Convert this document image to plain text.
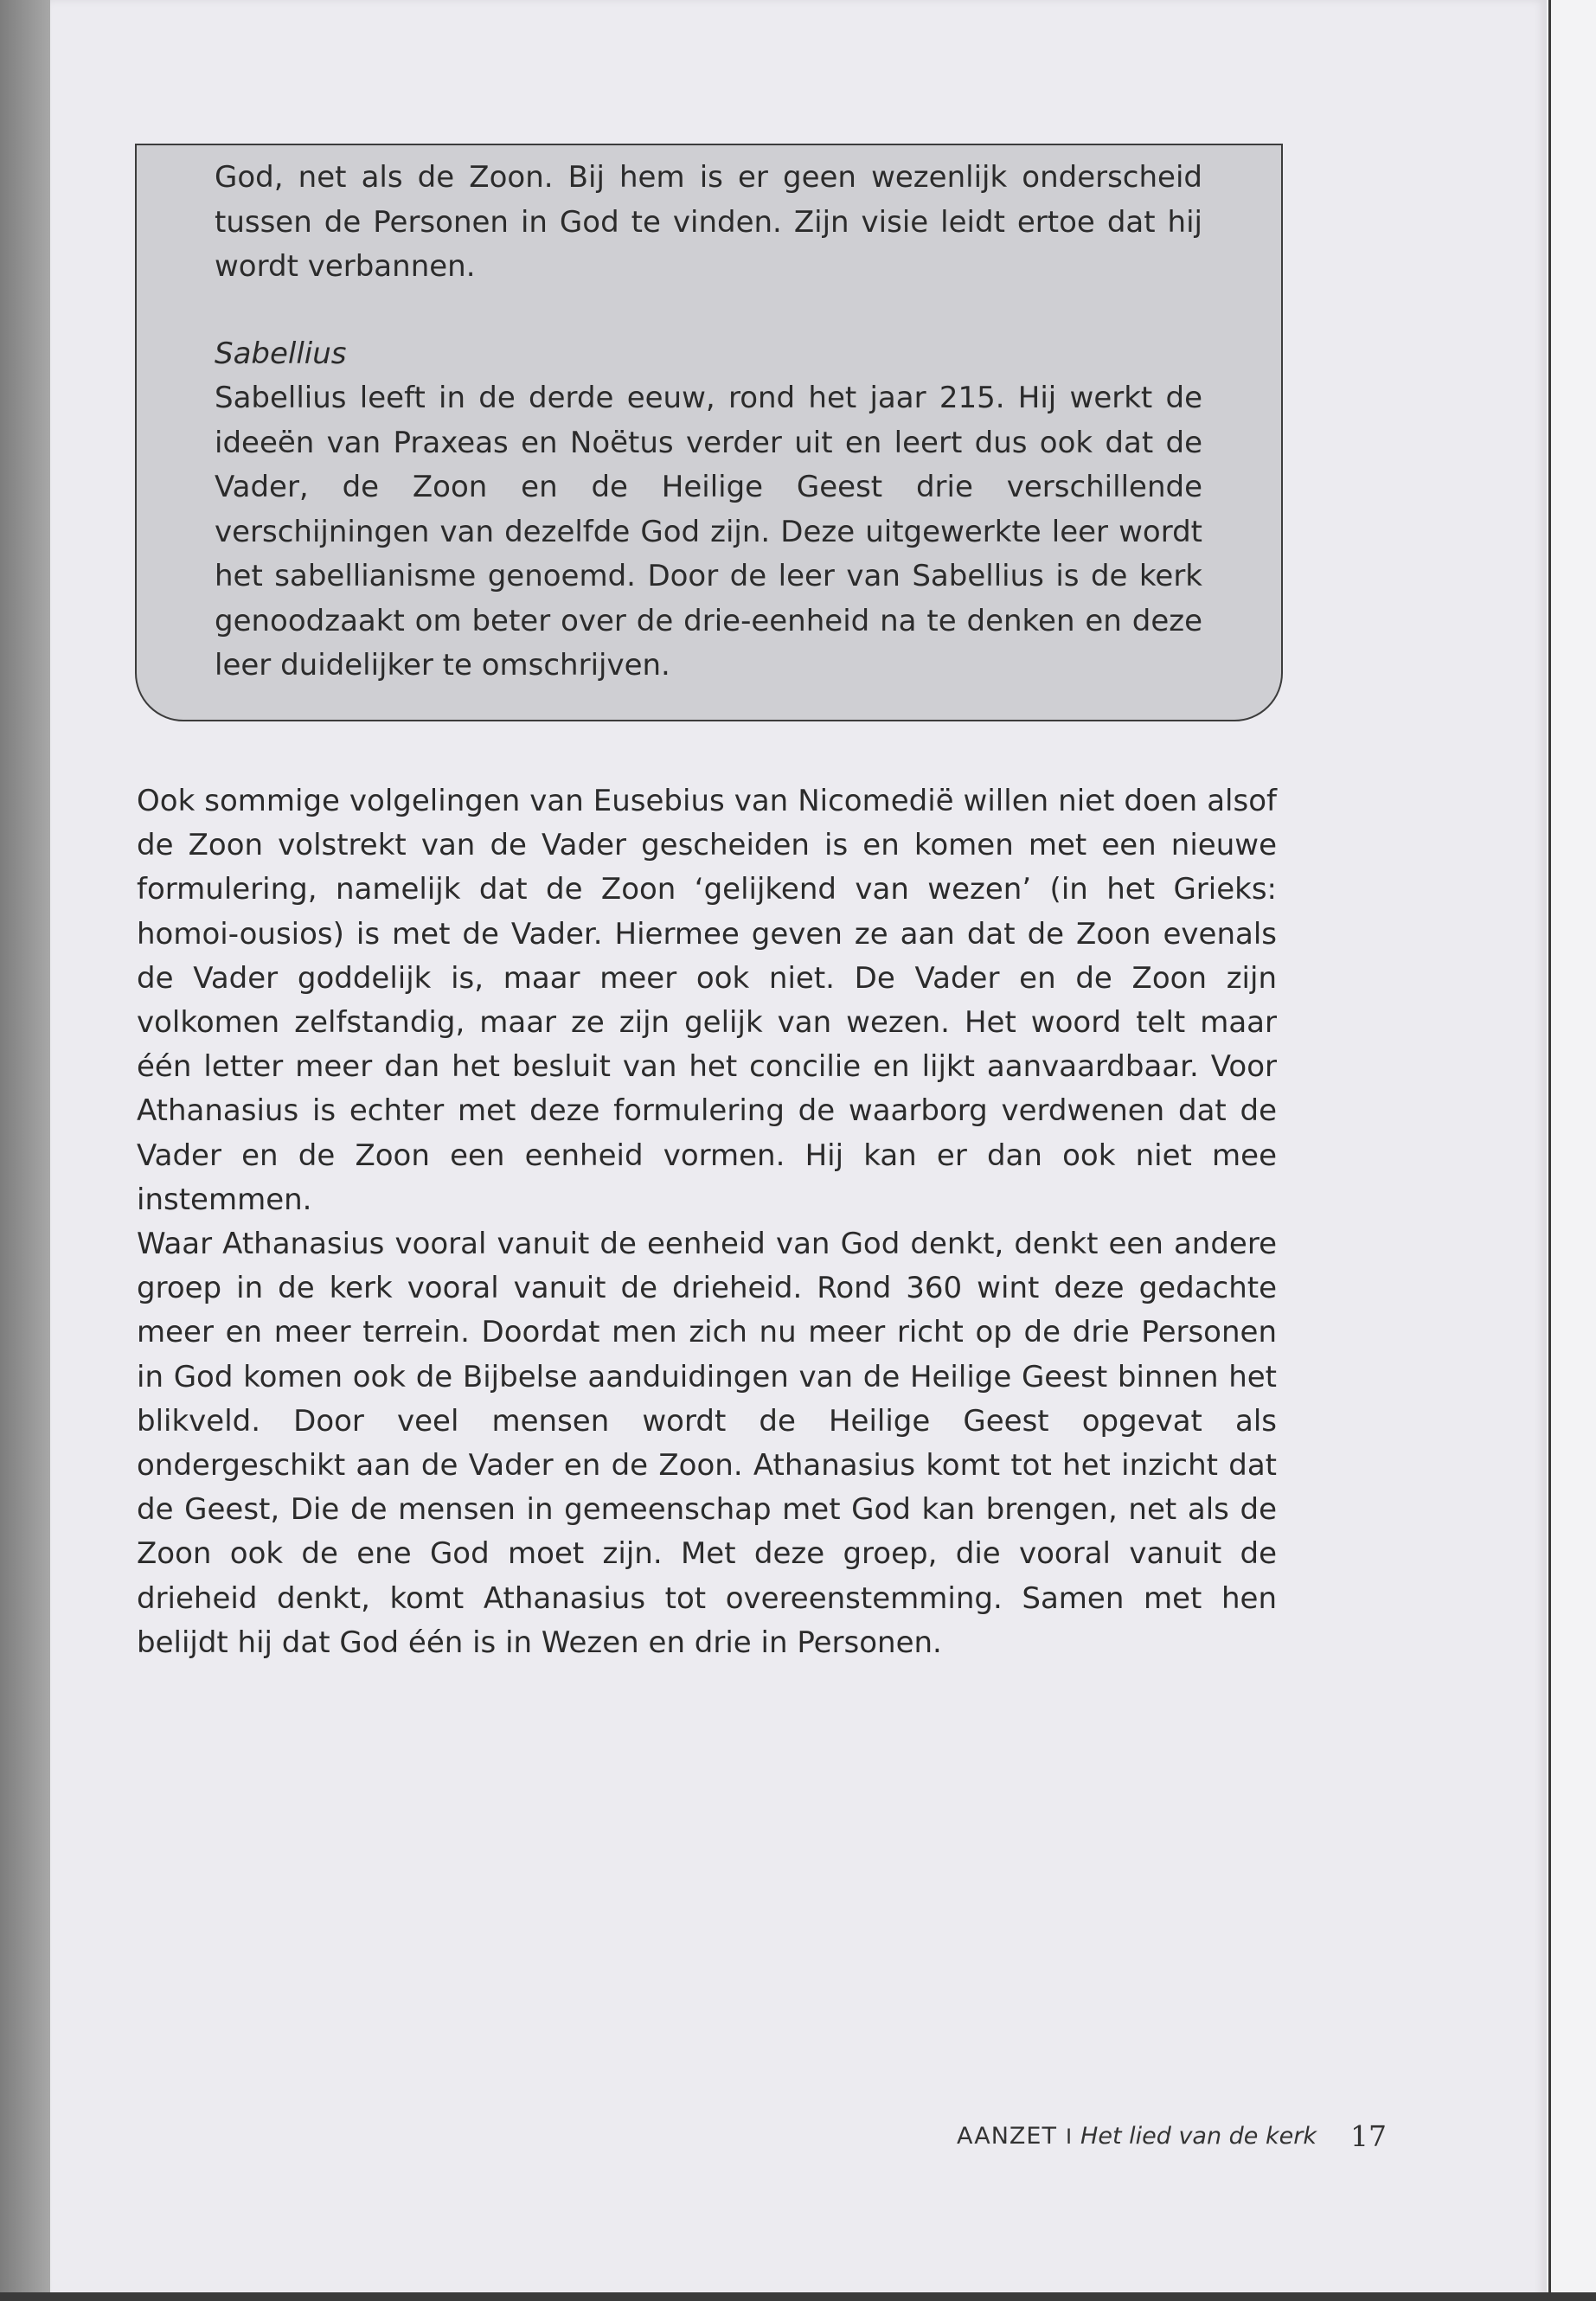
God, net als de Zoon. Bij hem is er geen wezenlijk onderscheid tussen de Personen in God te vinden. Zijn visie leidt ertoe dat hij wordt verbannen.

Sabellius

Sabellius leeft in de derde eeuw, rond het jaar 215. Hij werkt de ideeën van Praxeas en Noëtus verder uit en leert dus ook dat de Vader, de Zoon en de Heilige Geest drie verschillende verschijningen van dezelfde God zijn. Deze uitgewerkte leer wordt het sabellianisme genoemd. Door de leer van Sabellius is de kerk genoodzaakt om beter over de drie-eenheid na te denken en deze leer duidelijker te omschrijven.

Ook sommige volgelingen van Eusebius van Nicomedië willen niet doen alsof de Zoon volstrekt van de Vader gescheiden is en komen met een nieuwe formulering, namelijk dat de Zoon ‘gelijkend van wezen’ (in het Grieks: homoi-ousios) is met de Vader. Hiermee geven ze aan dat de Zoon evenals de Vader goddelijk is, maar meer ook niet. De Vader en de Zoon zijn volkomen zelfstandig, maar ze zijn gelijk van wezen. Het woord telt maar één letter meer dan het besluit van het concilie en lijkt aanvaardbaar. Voor Athanasius is echter met deze formulering de waarborg verdwenen dat de Vader en de Zoon een eenheid vormen. Hij kan er dan ook niet mee instemmen.

Waar Athanasius vooral vanuit de eenheid van God denkt, denkt een andere groep in de kerk vooral vanuit de drieheid. Rond 360 wint deze gedachte meer en meer terrein. Doordat men zich nu meer richt op de drie Personen in God komen ook de Bijbelse aanduidingen van de Heilige Geest binnen het blikveld. Door veel mensen wordt de Heilige Geest opgevat als ondergeschikt aan de Vader en de Zoon. Athanasius komt tot het inzicht dat de Geest, Die de mensen in gemeenschap met God kan brengen, net als de Zoon ook de ene God moet zijn. Met deze groep, die vooral vanuit de drieheid denkt, komt Athanasius tot overeenstemming. Samen met hen belijdt hij dat God één is in Wezen en drie in Personen.

AANZET I Het lied van de kerk 17
